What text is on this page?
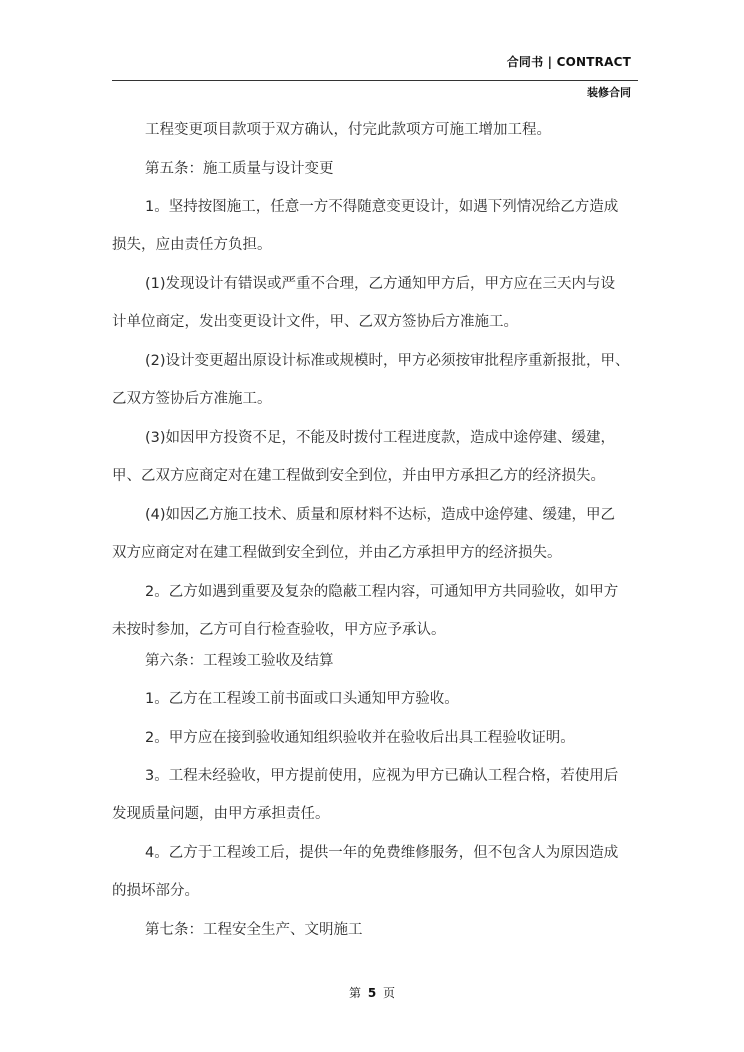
合同书 | CONTRACT
装修合同
工程变更项目款项于双方确认，付完此款项方可施工增加工程。
第五条：施工质量与设计变更
1。坚持按图施工，任意一方不得随意变更设计，如遇下列情况给乙方造成
损失，应由责任方负担。
(1)发现设计有错误或严重不合理，乙方通知甲方后，甲方应在三天内与设
计单位商定，发出变更设计文件，甲、乙双方签协后方准施工。
(2)设计变更超出原设计标准或规模时，甲方必须按审批程序重新报批，甲、
乙双方签协后方准施工。
(3)如因甲方投资不足，不能及时拨付工程进度款，造成中途停建、缓建，
甲、乙双方应商定对在建工程做到安全到位，并由甲方承担乙方的经济损失。
(4)如因乙方施工技术、质量和原材料不达标，造成中途停建、缓建，甲乙
双方应商定对在建工程做到安全到位，并由乙方承担甲方的经济损失。
2。乙方如遇到重要及复杂的隐蔽工程内容，可通知甲方共同验收，如甲方
未按时参加，乙方可自行检查验收，甲方应予承认。
第六条：工程竣工验收及结算
1。乙方在工程竣工前书面或口头通知甲方验收。
2。甲方应在接到验收通知组织验收并在验收后出具工程验收证明。
3。工程未经验收，甲方提前使用，应视为甲方已确认工程合格，若使用后
发现质量问题，由甲方承担责任。
4。乙方于工程竣工后，提供一年的免费维修服务，但不包含人为原因造成
的损坏部分。
第七条：工程安全生产、文明施工
第 5 页
